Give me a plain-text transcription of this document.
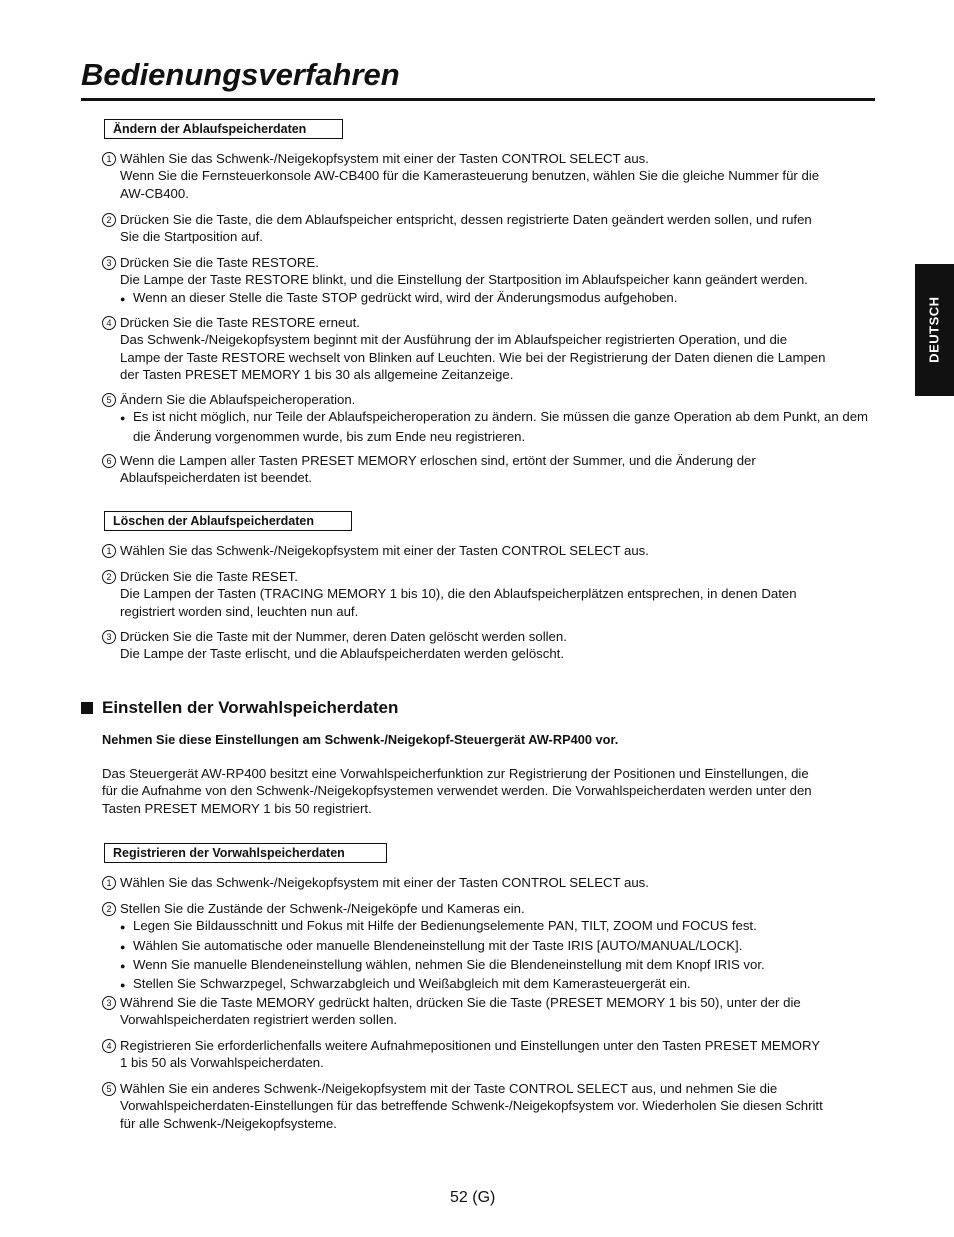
Bedienungsverfahren
DEUTSCH
Einstellen der Vorwahlspeicherdaten
Nehmen Sie diese Einstellungen am Schwenk-/Neigekopf-Steuergerät AW-RP400 vor.
Das Steuergerät AW-RP400 besitzt eine Vorwahlspeicherfunktion zur Registrierung der Positionen und Einstellungen, die
für die Aufnahme von den Schwenk-/Neigekopfsystemen verwendet werden. Die Vorwahlspeicherdaten werden unter den
Tasten PRESET MEMORY 1 bis 50 registriert.
Ändern der Ablaufspeicherdaten
1 Wählen Sie das Schwenk-/Neigekopfsystem mit einer der Tasten CONTROL SELECT aus.
Wenn Sie die Fernsteuerkonsole AW-CB400 für die Kamerasteuerung benutzen, wählen Sie die gleiche Nummer für die
AW-CB400.
2 Drücken Sie die Taste, die dem Ablaufspeicher entspricht, dessen registrierte Daten geändert werden sollen, und rufen
Sie die Startposition auf.
3 Drücken Sie die Taste RESTORE.
Die Lampe der Taste RESTORE blinkt, und die Einstellung der Startposition im Ablaufspeicher kann geändert werden.
● Wenn an dieser Stelle die Taste STOP gedrückt wird, wird der Änderungsmodus aufgehoben.
4 Drücken Sie die Taste RESTORE erneut.
Das Schwenk-/Neigekopfsystem beginnt mit der Ausführung der im Ablaufspeicher registrierten Operation, und die
Lampe der Taste RESTORE wechselt von Blinken auf Leuchten. Wie bei der Registrierung der Daten dienen die Lampen
der Tasten PRESET MEMORY 1 bis 30 als allgemeine Zeitanzeige.
5 Ändern Sie die Ablaufspeicheroperation.
● Es ist nicht möglich, nur Teile der Ablaufspeicheroperation zu ändern. Sie müssen die ganze Operation ab dem Punkt, an dem die Änderung vorgenommen wurde, bis zum Ende neu registrieren.
6 Wenn die Lampen aller Tasten PRESET MEMORY erloschen sind, ertönt der Summer, und die Änderung der
Ablaufspeicherdaten ist beendet.
Löschen der Ablaufspeicherdaten
1 Wählen Sie das Schwenk-/Neigekopfsystem mit einer der Tasten CONTROL SELECT aus.
2 Drücken Sie die Taste RESET.
Die Lampen der Tasten (TRACING MEMORY 1 bis 10), die den Ablaufspeicherplätzen entsprechen, in denen Daten
registriert worden sind, leuchten nun auf.
3 Drücken Sie die Taste mit der Nummer, deren Daten gelöscht werden sollen.
Die Lampe der Taste erlischt, und die Ablaufspeicherdaten werden gelöscht.
Registrieren der Vorwahlspeicherdaten
1 Wählen Sie das Schwenk-/Neigekopfsystem mit einer der Tasten CONTROL SELECT aus.
2 Stellen Sie die Zustände der Schwenk-/Neigeköpfe und Kameras ein.
● Legen Sie Bildausschnitt und Fokus mit Hilfe der Bedienungselemente PAN, TILT, ZOOM und FOCUS fest.
● Wählen Sie automatische oder manuelle Blendeneinstellung mit der Taste IRIS [AUTO/MANUAL/LOCK].
● Wenn Sie manuelle Blendeneinstellung wählen, nehmen Sie die Blendeneinstellung mit dem Knopf IRIS vor.
● Stellen Sie Schwarzpegel, Schwarzabgleich und Weißabgleich mit dem Kamerasteuergerät ein.
3 Während Sie die Taste MEMORY gedrückt halten, drücken Sie die Taste (PRESET MEMORY 1 bis 50), unter der die
Vorwahlspeicherdaten registriert werden sollen.
4 Registrieren Sie erforderlichenfalls weitere Aufnahmepositionen und Einstellungen unter den Tasten PRESET MEMORY
1 bis 50 als Vorwahlspeicherdaten.
5 Wählen Sie ein anderes Schwenk-/Neigekopfsystem mit der Taste CONTROL SELECT aus, und nehmen Sie die
Vorwahlspeicherdaten-Einstellungen für das betreffende Schwenk-/Neigekopfsystem vor. Wiederholen Sie diesen Schritt
für alle Schwenk-/Neigekopfsysteme.
52 (G)
